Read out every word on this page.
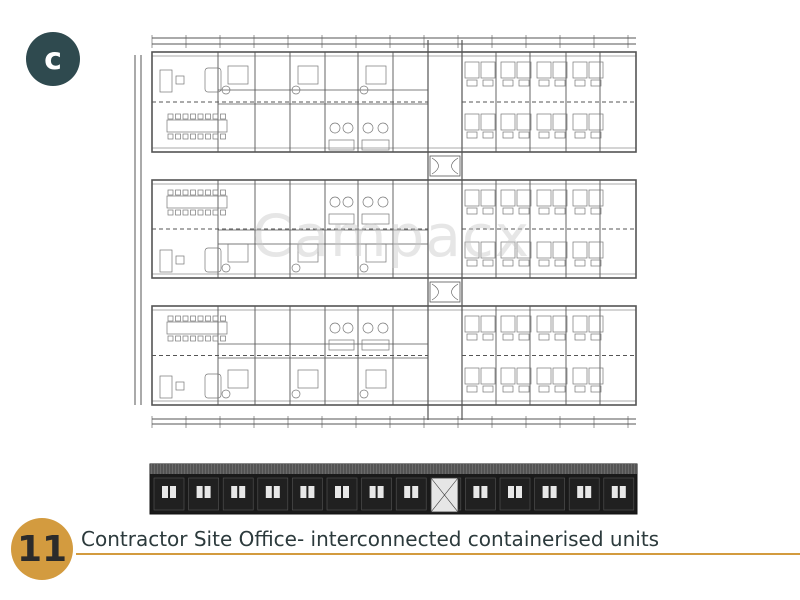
c
Campacx
11 Contractor Site Office- interconnected containerised units
